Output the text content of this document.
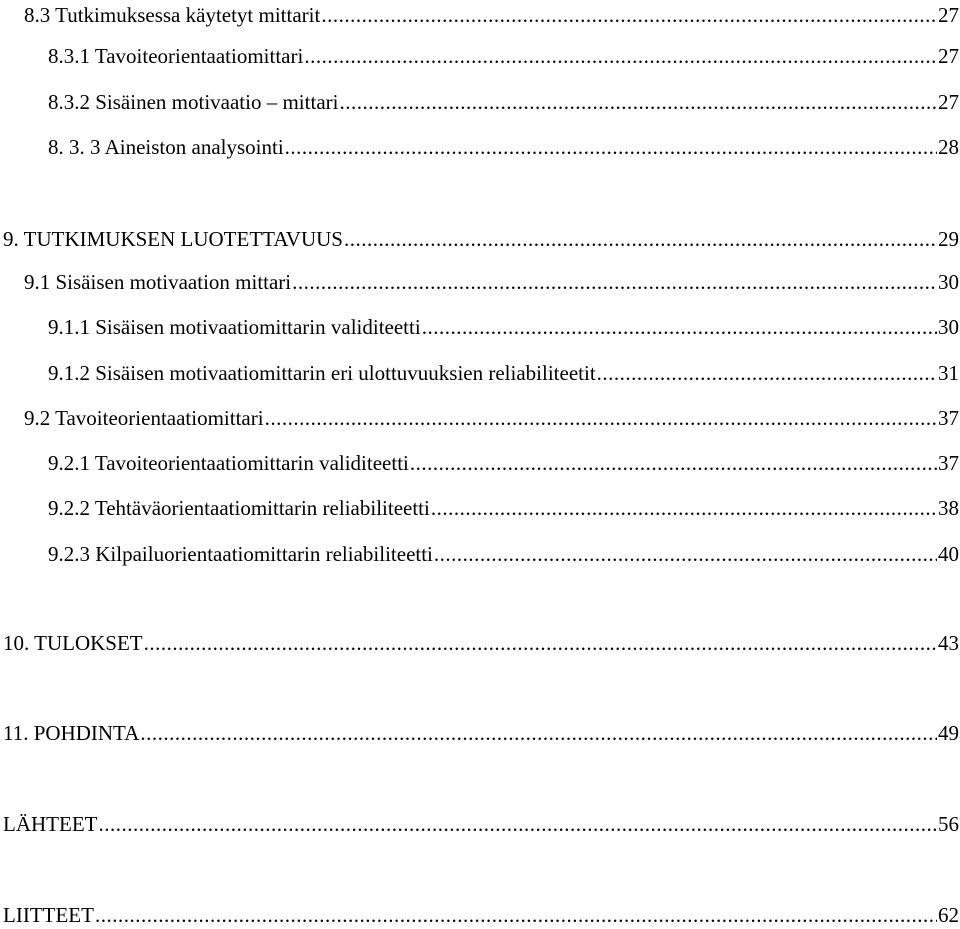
8.3 Tutkimuksessa käytetyt mittarit .....	27
8.3.1 Tavoiteorientaatiomittari .....	27
8.3.2 Sisäinen motivaatio – mittari .....	27
8. 3. 3 Aineiston analysointi .....	28
9. TUTKIMUKSEN LUOTETTAVUUS .....	29
9.1 Sisäisen motivaation mittari .....	30
9.1.1 Sisäisen motivaatiomittarin validiteetti .....	30
9.1.2 Sisäisen motivaatiomittarin eri ulottuvuuksien reliabiliteetit .....	31
9.2 Tavoiteorientaatiomittari .....	37
9.2.1 Tavoiteorientaatiomittarin validiteetti .....	37
9.2.2 Tehtäväorientaatiomittarin reliabiliteetti .....	38
9.2.3 Kilpailuorientaatiomittarin reliabiliteetti .....	40
10. TULOKSET .....	43
11. POHDINTA .....	49
LÄHTEET .....	56
LIITTEET .....	62
